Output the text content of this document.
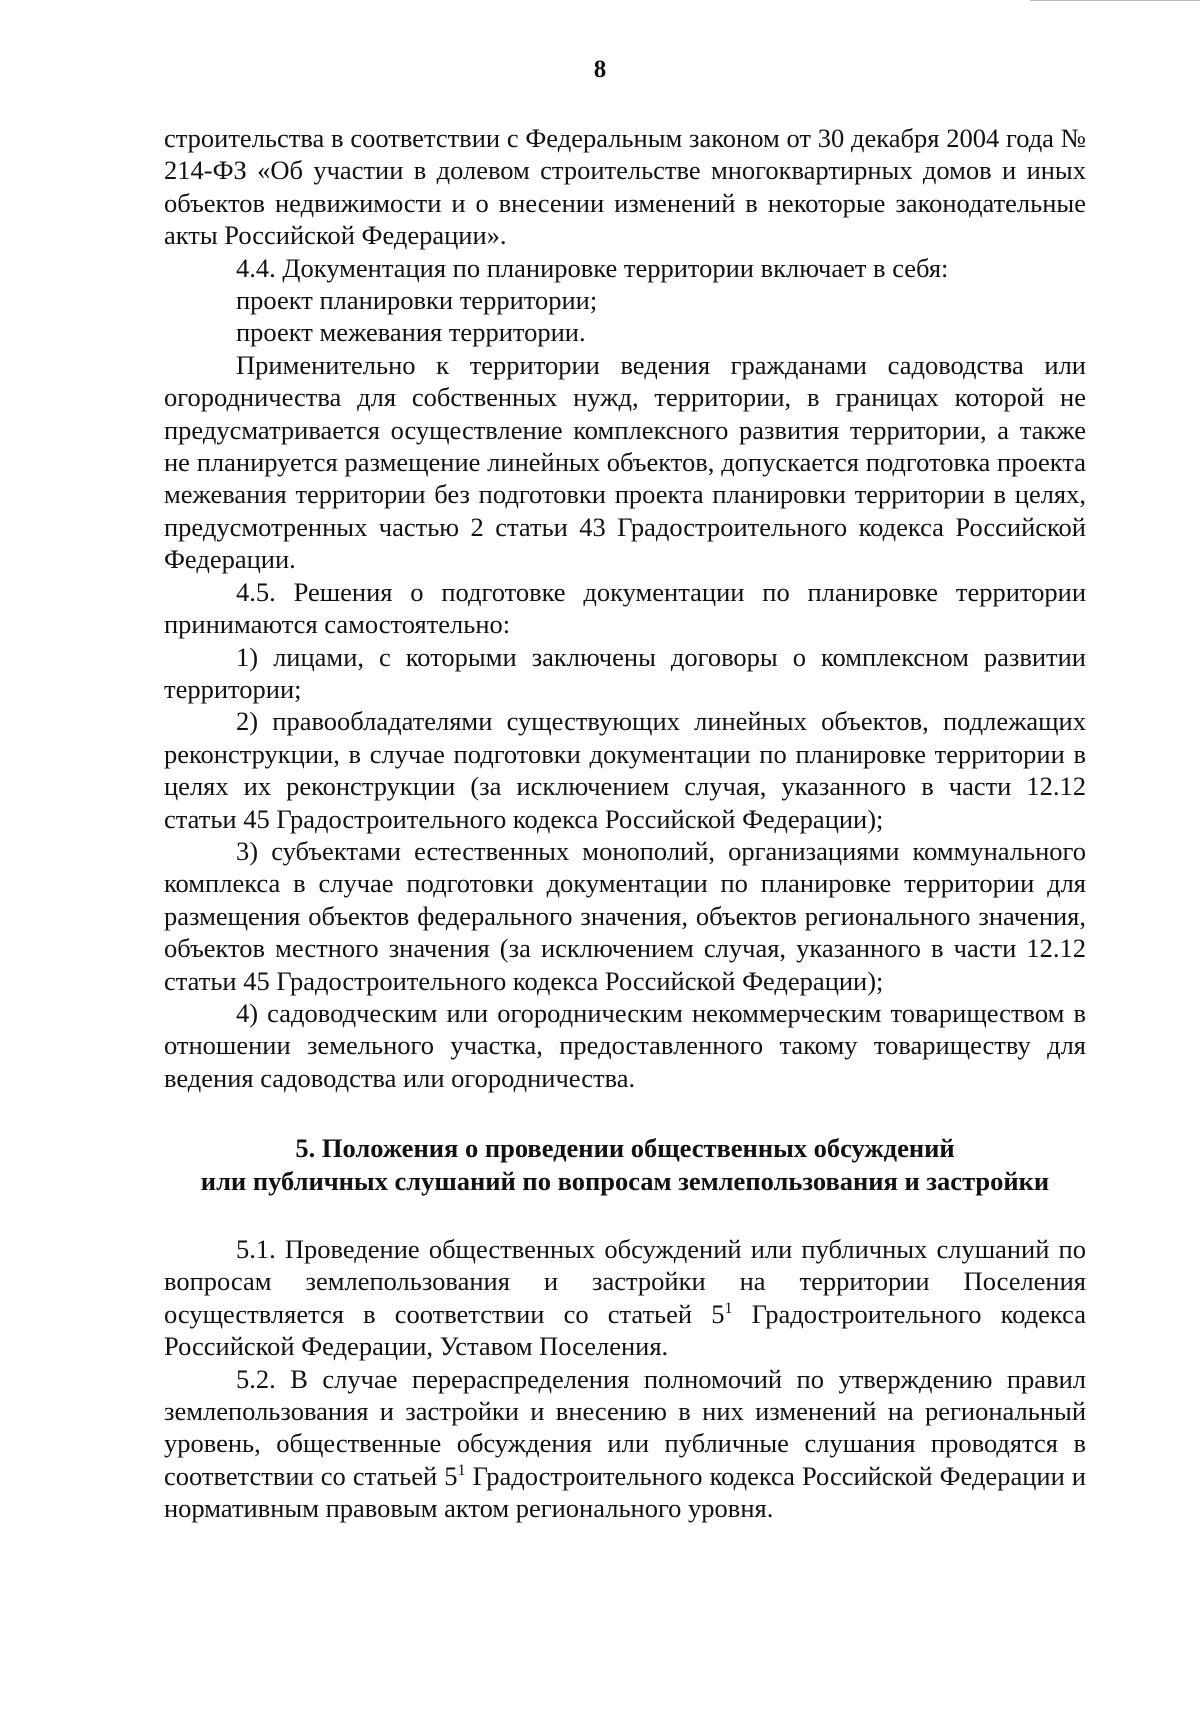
8

строительства в соответствии с Федеральным законом от 30 декабря 2004 года № 214-ФЗ «Об участии в долевом строительстве многоквартирных домов и иных объектов недвижимости и о внесении изменений в некоторые законодательные акты Российской Федерации».

4.4. Документация по планировке территории включает в себя:

проект планировки территории;

проект межевания территории.

Применительно к территории ведения гражданами садоводства или огородничества для собственных нужд, территории, в границах которой не предусматривается осуществление комплексного развития территории, а также не планируется размещение линейных объектов, допускается подготовка проекта межевания территории без подготовки проекта планировки территории в целях, предусмотренных частью 2 статьи 43 Градостроительного кодекса Российской Федерации.

4.5. Решения о подготовке документации по планировке территории принимаются самостоятельно:

1) лицами, с которыми заключены договоры о комплексном развитии территории;

2) правообладателями существующих линейных объектов, подлежащих реконструкции, в случае подготовки документации по планировке территории в целях их реконструкции (за исключением случая, указанного в части 12.12 статьи 45 Градостроительного кодекса Российской Федерации);

3) субъектами естественных монополий, организациями коммунального комплекса в случае подготовки документации по планировке территории для размещения объектов федерального значения, объектов регионального значения, объектов местного значения (за исключением случая, указанного в части 12.12 статьи 45 Градостроительного кодекса Российской Федерации);

4) садоводческим или огородническим некоммерческим товариществом в отношении земельного участка, предоставленного такому товариществу для ведения садоводства или огородничества.

5. Положения о проведении общественных обсуждений
или публичных слушаний по вопросам землепользования и застройки

5.1. Проведение общественных обсуждений или публичных слушаний по вопросам землепользования и застройки на территории Поселения осуществляется в соответствии со статьей $5^1$ Градостроительного кодекса Российской Федерации, Уставом Поселения.

5.2. В случае перераспределения полномочий по утверждению правил землепользования и застройки и внесению в них изменений на региональный уровень, общественные обсуждения или публичные слушания проводятся в соответствии со статьей $5^1$ Градостроительного кодекса Российской Федерации и нормативным правовым актом регионального уровня.
